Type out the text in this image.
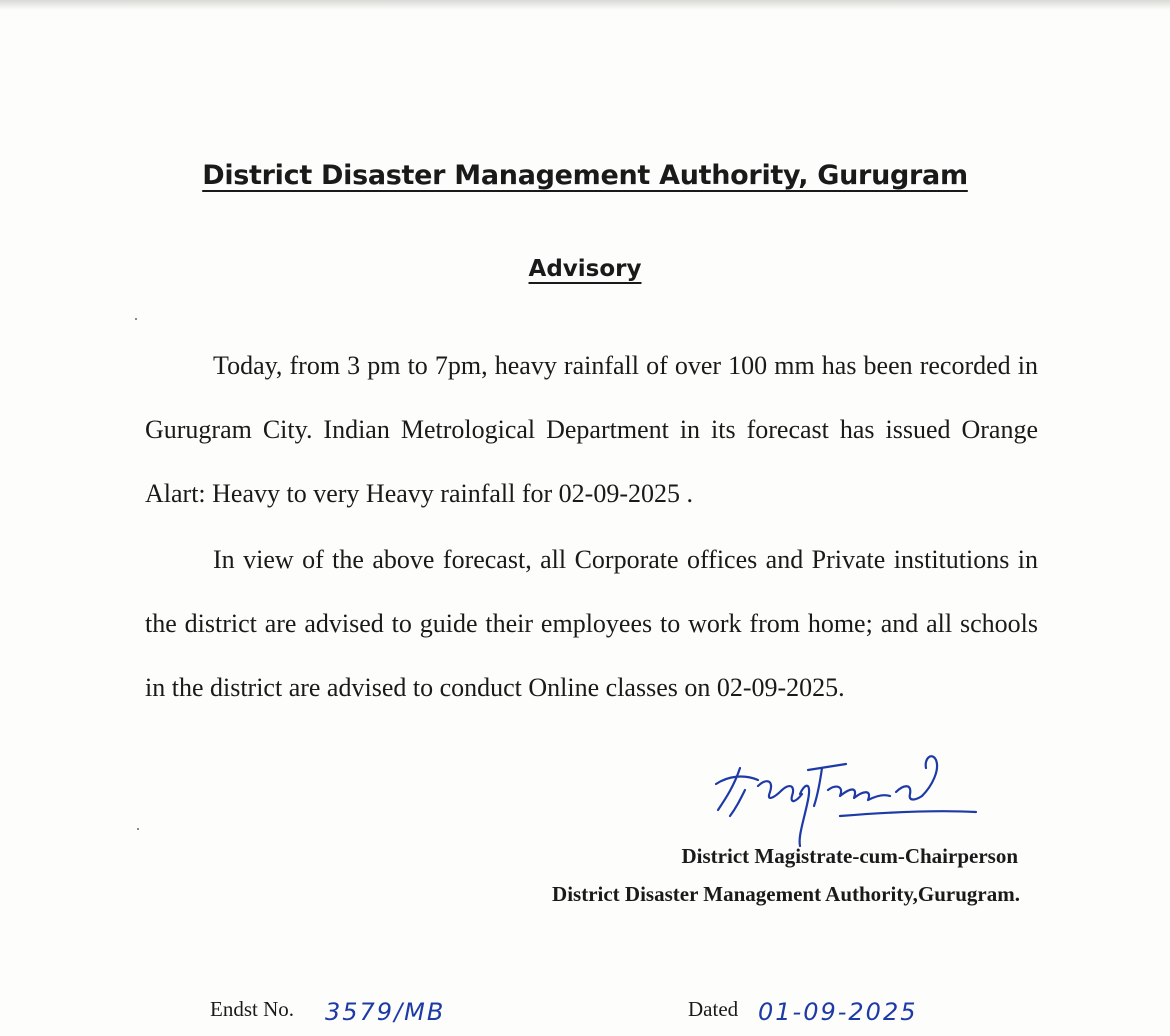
District Disaster Management Authority, Gurugram
Advisory

Today, from 3 pm to 7pm, heavy rainfall of over 100 mm has been recorded in Gurugram City. Indian Metrological Department in its forecast has issued Orange Alart: Heavy to very Heavy rainfall for 02-09-2025 .

In view of the above forecast, all Corporate offices and Private institutions in the district are advised to guide their employees to work from home; and all schools in the district are advised to conduct Online classes on 02-09-2025.

District Magistrate-cum-Chairperson
District Disaster Management Authority,Gurugram.
Endst No. 3579/MB	Dated 01-09-2025
